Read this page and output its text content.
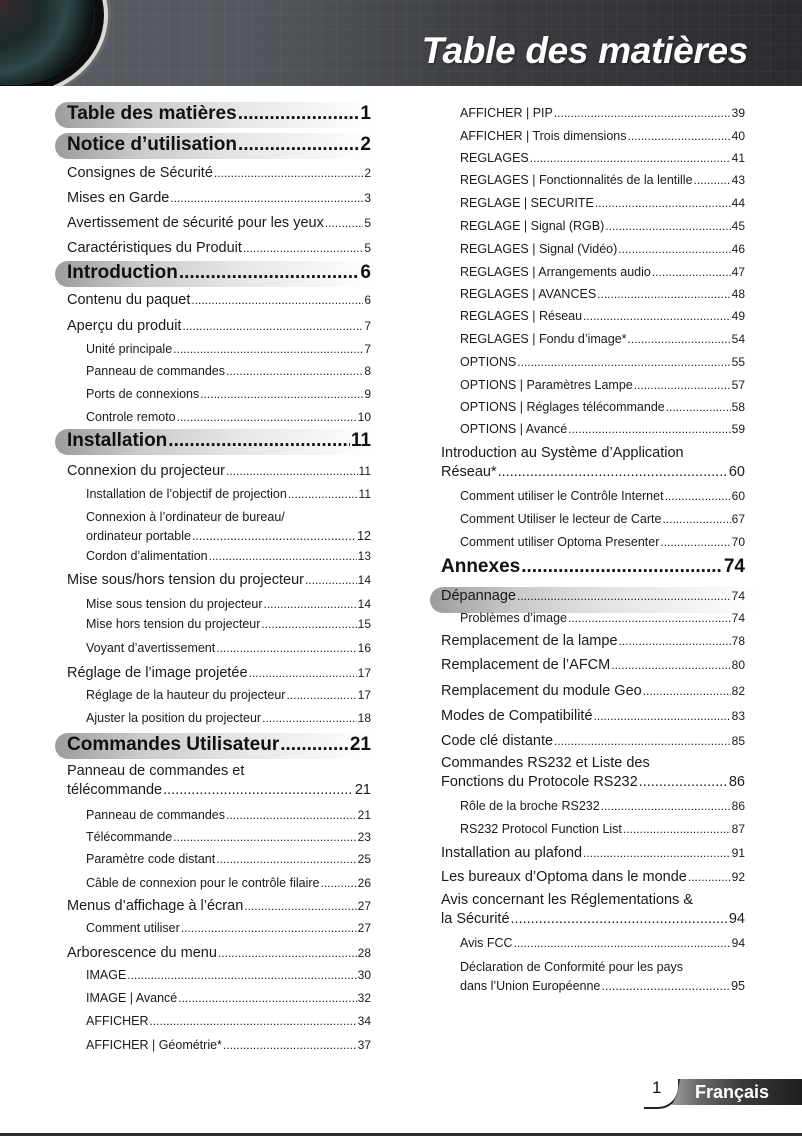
Table des matières
Table des matières .....	1
Notice d’utilisation .....	2
Consignes de Sécurité .....	2
Mises en Garde .....	3
Avertissement de sécurité pour les yeux .....	5
Caractéristiques du Produit .....	5
Introduction .....	6
Contenu du paquet .....	6
Aperçu du produit .....	7
Unité principale .....	7
Panneau de commandes .....	8
Ports de connexions .....	9
Controle remoto .....	10
Installation .....	11
Connexion du projecteur .....	11
Installation de l’objectif de projection .....	11
Connexion à l’ordinateur de bureau/
ordinateur portable .....	12
Cordon d’alimentation .....	13
Mise sous/hors tension du projecteur .....	14
Mise sous tension du projecteur .....	14
Mise hors tension du projecteur .....	15
Voyant d’avertissement .....	16
Réglage de l’image projetée .....	17
Réglage de la hauteur du projecteur .....	17
Ajuster la position du projecteur .....	18
Commandes Utilisateur .....	21
Panneau de commandes et
télécommande .....	21
Panneau de commandes .....	21
Télécommande .....	23
Paramètre code distant .....	25
Câble de connexion pour le contrôle filaire .....	26
Menus d’affichage à l’écran .....	27
Comment utiliser .....	27
Arborescence du menu .....	28
IMAGE .....	30
IMAGE | Avancé .....	32
AFFICHER .....	34
AFFICHER | Géométrie* .....	37
AFFICHER | PIP .....	39
AFFICHER | Trois dimensions .....	40
REGLAGES .....	41
REGLAGES | Fonctionnalités de la lentille .....	43
REGLAGE | SECURITE .....	44
REGLAGE | Signal (RGB) .....	45
REGLAGES | Signal (Vidéo) .....	46
REGLAGES | Arrangements audio .....	47
REGLAGES | AVANCES .....	48
REGLAGES | Réseau .....	49
REGLAGES | Fondu d’image* .....	54
OPTIONS .....	55
OPTIONS | Paramètres Lampe .....	57
OPTIONS | Réglages télécommande .....	58
OPTIONS | Avancé .....	59
Introduction au Système d’Application
Réseau* .....	60
Comment utiliser le Contrôle Internet .....	60
Comment Utiliser le lecteur de Carte .....	67
Comment utiliser Optoma Presenter .....	70
Annexes .....	74
Dépannage .....	74
Problèmes d’image .....	74
Remplacement de la lampe .....	78
Remplacement de l’AFCM .....	80
Remplacement du module Geo .....	82
Modes de Compatibilité .....	83
Code clé distante .....	85
Commandes RS232 et Liste des
Fonctions du Protocole RS232 .....	86
Rôle de la broche RS232 .....	86
RS232 Protocol Function List .....	87
Installation au plafond .....	91
Les bureaux d’Optoma dans le monde .....	92
Avis concernant les Réglementations &
la Sécurité .....	94
Avis FCC .....	94
Déclaration de Conformité pour les pays
dans l’Union Européenne .....	95
1 Français
